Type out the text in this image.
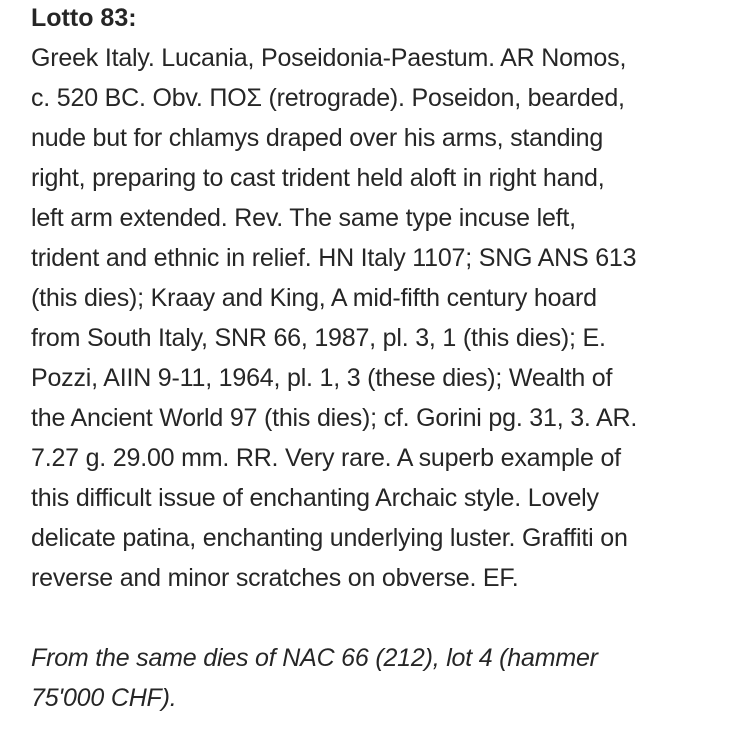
Lotto 83:
Greek Italy. Lucania, Poseidonia-Paestum. AR Nomos,
c. 520 BC. Obv. ΠΟΣ (retrograde). Poseidon, bearded,
nude but for chlamys draped over his arms, standing
right, preparing to cast trident held aloft in right hand,
left arm extended. Rev. The same type incuse left,
trident and ethnic in relief. HN Italy 1107; SNG ANS 613
(this dies); Kraay and King, A mid-fifth century hoard
from South Italy, SNR 66, 1987, pl. 3, 1 (this dies); E.
Pozzi, AIIN 9-11, 1964, pl. 1, 3 (these dies); Wealth of
the Ancient World 97 (this dies); cf. Gorini pg. 31, 3. AR.
7.27 g. 29.00 mm. RR. Very rare. A superb example of
this difficult issue of enchanting Archaic style. Lovely
delicate patina, enchanting underlying luster. Graffiti on
reverse and minor scratches on obverse. EF.
From the same dies of NAC 66 (212), lot 4 (hammer
75'000 CHF).
